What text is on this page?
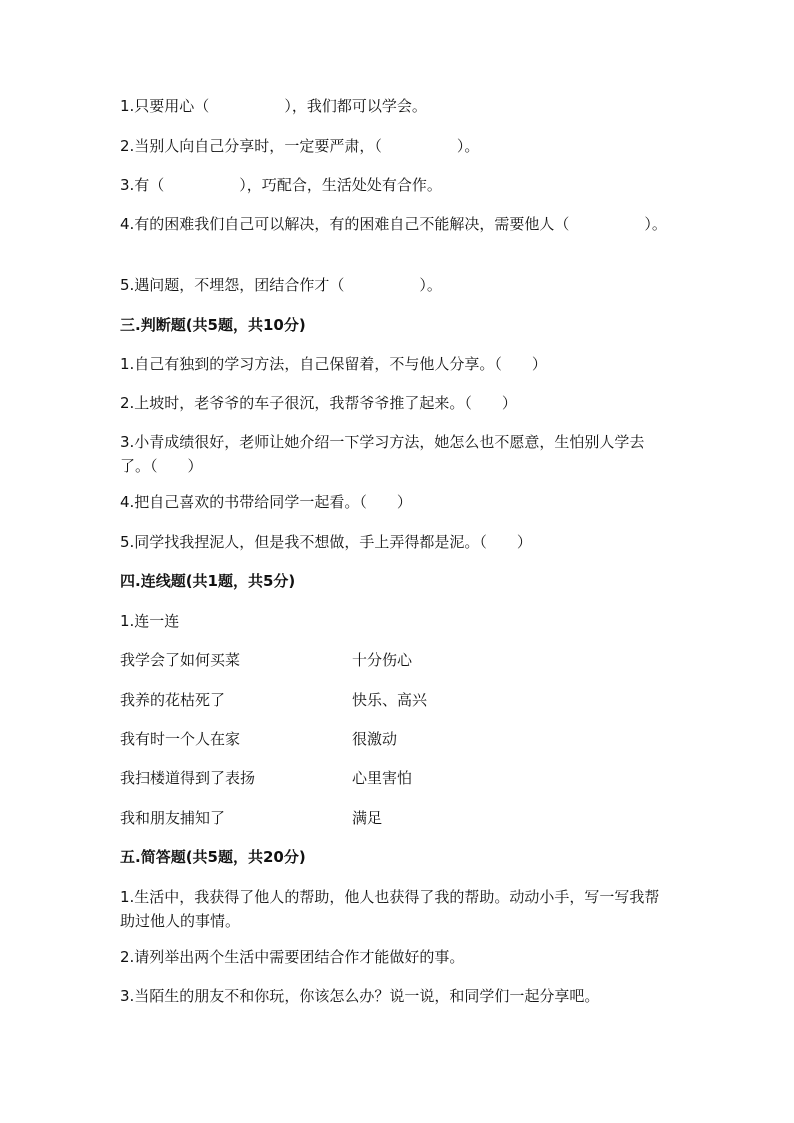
1.只要用心（　　　　　），我们都可以学会。
2.当别人向自己分享时，一定要严肃，（　　　　　）。
3.有（　　　　　），巧配合，生活处处有合作。
4.有的困难我们自己可以解决，有的困难自己不能解决，需要他人（　　　　　）。
5.遇问题，不埋怨，团结合作才（　　　　　）。
三.判断题(共5题，共10分)
1.自己有独到的学习方法，自己保留着，不与他人分享。（　　）
2.上坡时，老爷爷的车子很沉，我帮爷爷推了起来。（　　）
3.小青成绩很好，老师让她介绍一下学习方法，她怎么也不愿意，生怕别人学去了。（　　）
4.把自己喜欢的书带给同学一起看。（　　）
5.同学找我捏泥人，但是我不想做，手上弄得都是泥。（　　）
四.连线题(共1题，共5分)
1.连一连
我学会了如何买菜	十分伤心
我养的花枯死了	快乐、高兴
我有时一个人在家	很激动
我扫楼道得到了表扬	心里害怕
我和朋友捕知了	满足
五.简答题(共5题，共20分)
1.生活中，我获得了他人的帮助，他人也获得了我的帮助。动动小手，写一写我帮助过他人的事情。
2.请列举出两个生活中需要团结合作才能做好的事。
3.当陌生的朋友不和你玩，你该怎么办？说一说，和同学们一起分享吧。
